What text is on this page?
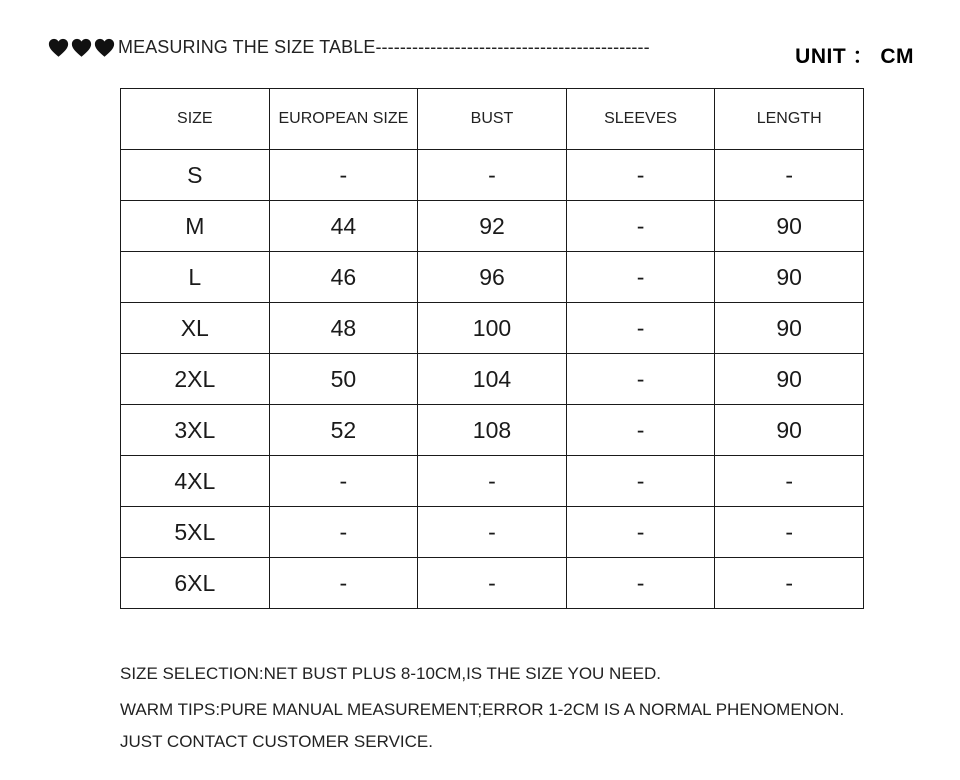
MEASURING THE SIZE TABLE---------------------------------------------	UNIT ： CM
SIZE	EUROPEAN SIZE	BUST	SLEEVES	LENGTH
S	-	-	-	-
M	44	92	-	90
L	46	96	-	90
XL	48	100	-	90
2XL	50	104	-	90
3XL	52	108	-	90
4XL	-	-	-	-
5XL	-	-	-	-
6XL	-	-	-	-
SIZE SELECTION:NET BUST PLUS 8-10CM,IS THE SIZE YOU NEED.
WARM TIPS:PURE MANUAL MEASUREMENT;ERROR 1-2CM IS A NORMAL PHENOMENON.
JUST CONTACT CUSTOMER SERVICE.
